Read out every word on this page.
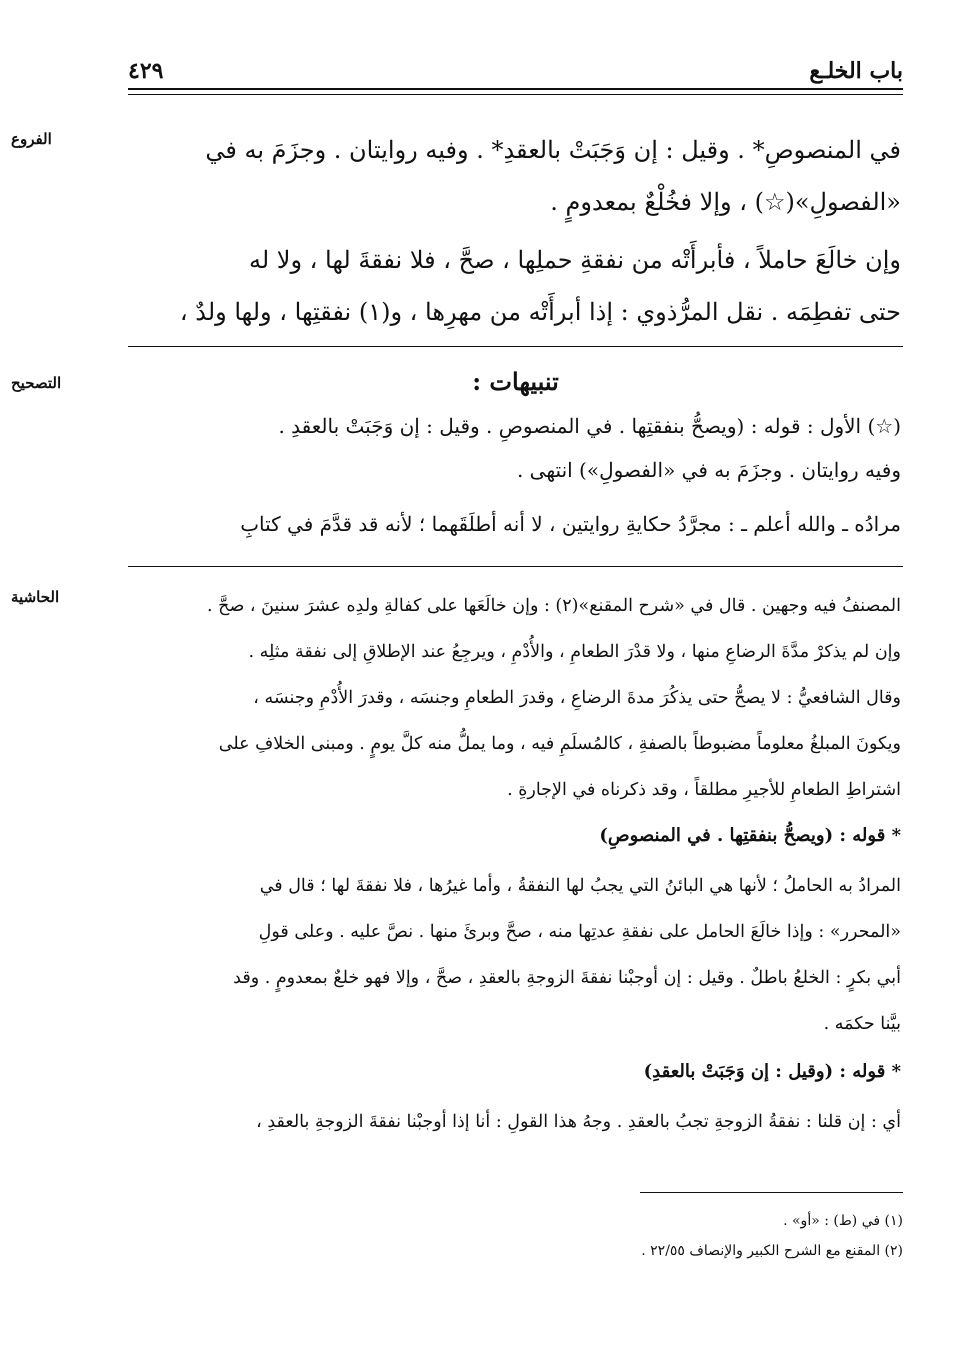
باب الخلـع
٤٢٩
الفروع	في المنصوصِ* . وقيل : إن وَجَبَتْ بالعقدِ* . وفيه روايتان . وجزَمَ به في
«الفصولِ»(☆) ، وإلا فخُلْعٌ بمعدومٍ .
وإن خالَعَ حاملاً ، فأبرأَتْه من نفقةِ حملِها ، صحَّ ، فلا نفقةَ لها ، ولا له
حتى تفطِمَه . نقل المرُّذوي : إذا أبرأَتْه من مهرِها ، و(١) نفقتِها ، ولها ولدٌ ،
التصحيح	تنبيهات :
(☆) الأول : قوله : (ويصحُّ بنفقتِها . في المنصوصِ . وقيل : إن وَجَبَتْ بالعقدِ .
وفيه روايتان . وجزَمَ به في «الفصولِ») انتهى .
مرادُه ـ والله أعلم ـ : مجرَّدُ حكايةِ روايتين ، لا أنه أطلَقَهما ؛ لأنه قد قدَّمَ في كتابِ
الحاشية	المصنفُ فيه وجهين . قال في «شرح المقنع»(٢) : وإن خالَعَها على كفالةِ ولدِه عشرَ سنينَ ، صحَّ .
وإن لم يذكرْ مدَّةَ الرضاعِ منها ، ولا قدْرَ الطعامِ ، والأُدْمِ ، ويرجِعُ عند الإطلاقِ إلى نفقة مثلِه .
وقال الشافعيُّ : لا يصحُّ حتى يذكُرَ مدةَ الرضاعِ ، وقدرَ الطعامِ وجنسَه ، وقدرَ الأُدْمِ وجنسَه ،
ويكونَ المبلغُ معلوماً مضبوطاً بالصفةِ ، كالمُسلَمِ فيه ، وما يملُّ منه كلَّ يومٍ . ومبنى الخلافِ على
اشتراطِ الطعامِ للأجيرِ مطلقاً ، وقد ذكرناه في الإجارةِ .
* قوله : (ويصحُّ بنفقتِها . في المنصوصِ)
المرادُ به الحاملُ ؛ لأنها هي البائنُ التي يجبُ لها النفقةُ ، وأما غيرُها ، فلا نفقةَ لها ؛ قال في
«المحرر» : وإذا خالَعَ الحامل على نفقةِ عدتِها منه ، صحَّ وبرئَ منها . نصَّ عليه . وعلى قولِ
أبي بكرٍ : الخلعُ باطلٌ . وقيل : إن أوجبْنا نفقةَ الزوجةِ بالعقدِ ، صحَّ ، وإلا فهو خلعٌ بمعدومٍ . وقد
بيَّنا حكمَه .
* قوله : (وقيل : إن وَجَبَتْ بالعقدِ)
أي : إن قلنا : نفقةُ الزوجةِ تجبُ بالعقدِ . وجهُ هذا القولِ : أنا إذا أوجبْنا نفقةَ الزوجةِ بالعقدِ ،
(١) في (ط) : «أو» .
(٢) المقنع مع الشرح الكبير والإنصاف ٢٢/٥٥ .
